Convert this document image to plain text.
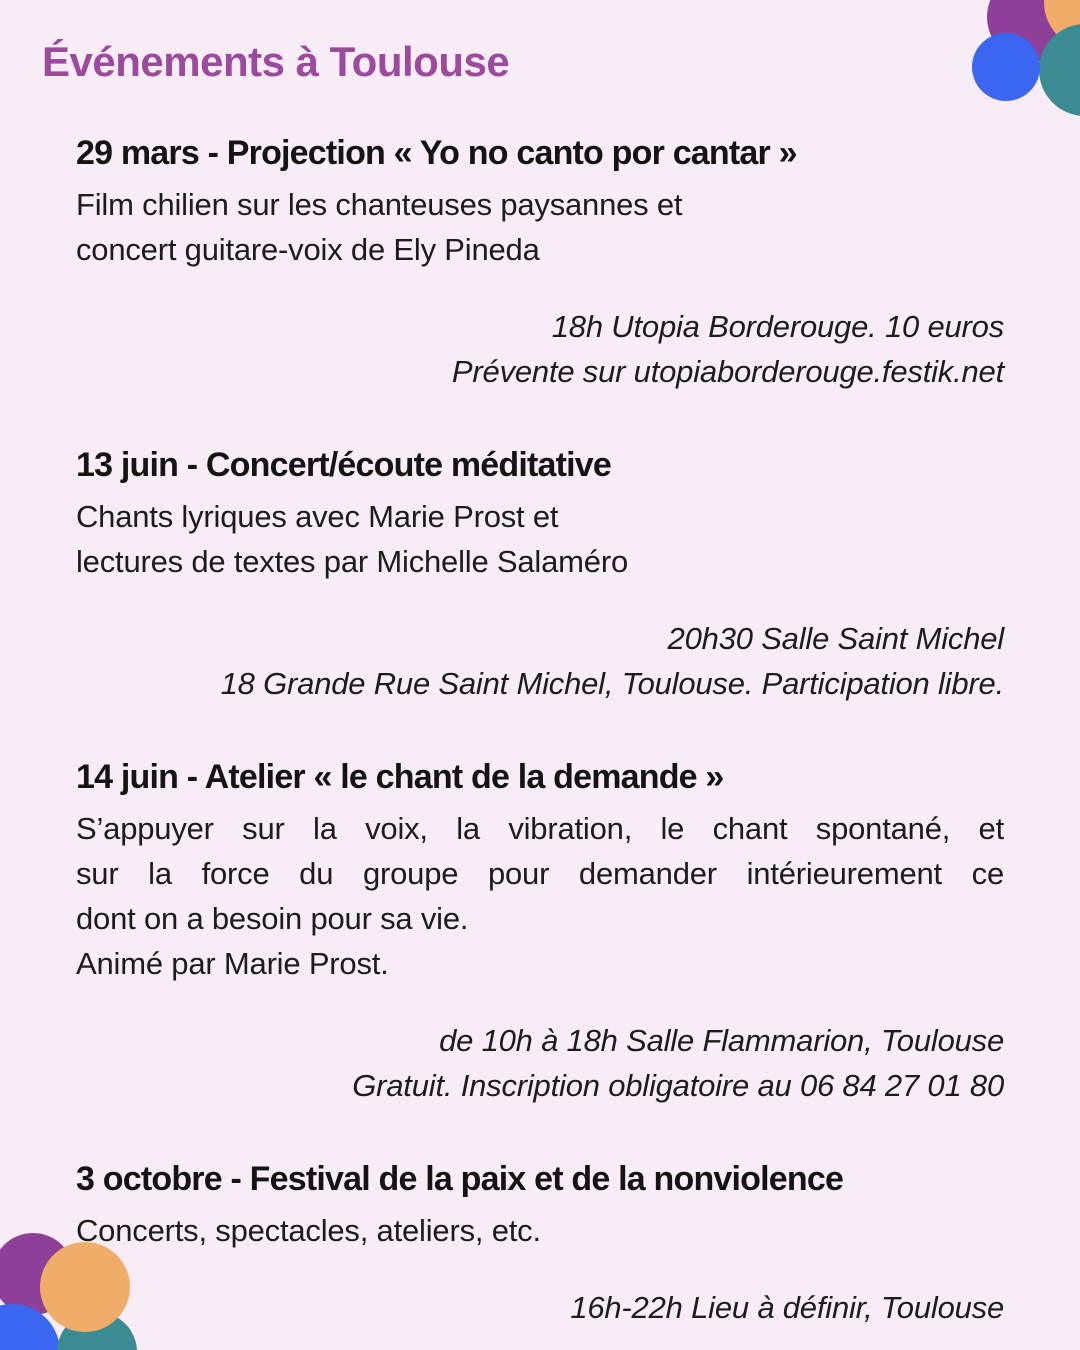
Événements à Toulouse
29 mars - Projection « Yo no canto por cantar »
Film chilien sur les chanteuses paysannes et
concert guitare-voix de Ely Pineda
18h Utopia Borderouge. 10 euros
Prévente sur utopiaborderouge.festik.net
13 juin - Concert/écoute méditative
Chants lyriques avec Marie Prost et
lectures de textes par Michelle Salaméro
20h30 Salle Saint Michel
18 Grande Rue Saint Michel, Toulouse. Participation libre.
14 juin - Atelier « le chant de la demande »
S’appuyer sur la voix, la vibration, le chant spontané, et
sur la force du groupe pour demander intérieurement ce
dont on a besoin pour sa vie.
Animé par Marie Prost.
de 10h à 18h Salle Flammarion, Toulouse
Gratuit. Inscription obligatoire au 06 84 27 01 80
3 octobre - Festival de la paix et de la nonviolence
Concerts, spectacles, ateliers, etc.
16h-22h Lieu à définir, Toulouse
